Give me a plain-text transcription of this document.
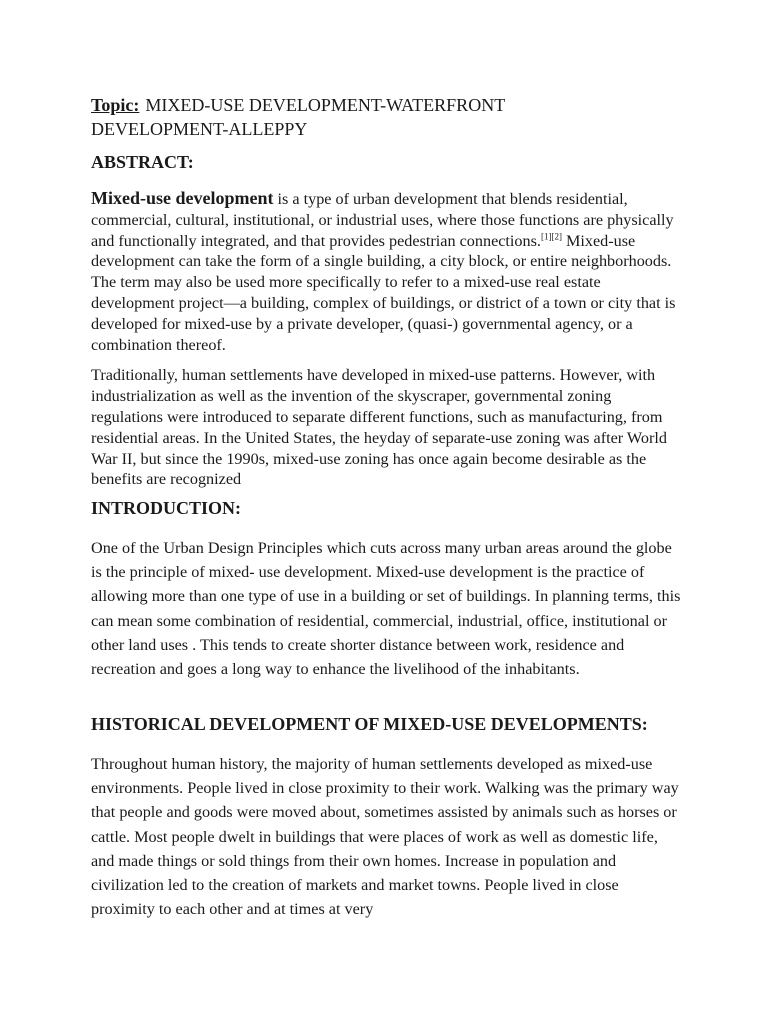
Topic: MIXED-USE DEVELOPMENT-WATERFRONT DEVELOPMENT-ALLEPPY
ABSTRACT:

Mixed-use development is a type of urban development that blends residential, commercial, cultural, institutional, or industrial uses, where those functions are physically and functionally integrated, and that provides pedestrian connections.[1][2] Mixed-use development can take the form of a single building, a city block, or entire neighborhoods. The term may also be used more specifically to refer to a mixed-use real estate development project—a building, complex of buildings, or district of a town or city that is developed for mixed-use by a private developer, (quasi-) governmental agency, or a combination thereof.

Traditionally, human settlements have developed in mixed-use patterns. However, with industrialization as well as the invention of the skyscraper, governmental zoning regulations were introduced to separate different functions, such as manufacturing, from residential areas. In the United States, the heyday of separate-use zoning was after World War II, but since the 1990s, mixed-use zoning has once again become desirable as the benefits are recognized

INTRODUCTION:

One of the Urban Design Principles which cuts across many urban areas around the globe is the principle of mixed- use development. Mixed-use development is the practice of allowing more than one type of use in a building or set of buildings. In planning terms, this can mean some combination of residential, commercial, industrial, office, institutional or other land uses . This tends to create shorter distance between work, residence and recreation and goes a long way to enhance the livelihood of the inhabitants.

HISTORICAL DEVELOPMENT OF MIXED-USE DEVELOPMENTS:

Throughout human history, the majority of human settlements developed as mixed-use environments. People lived in close proximity to their work. Walking was the primary way that people and goods were moved about, sometimes assisted by animals such as horses or cattle. Most people dwelt in buildings that were places of work as well as domestic life, and made things or sold things from their own homes. Increase in population and civilization led to the creation of markets and market towns. People lived in close proximity to each other and at times at very
